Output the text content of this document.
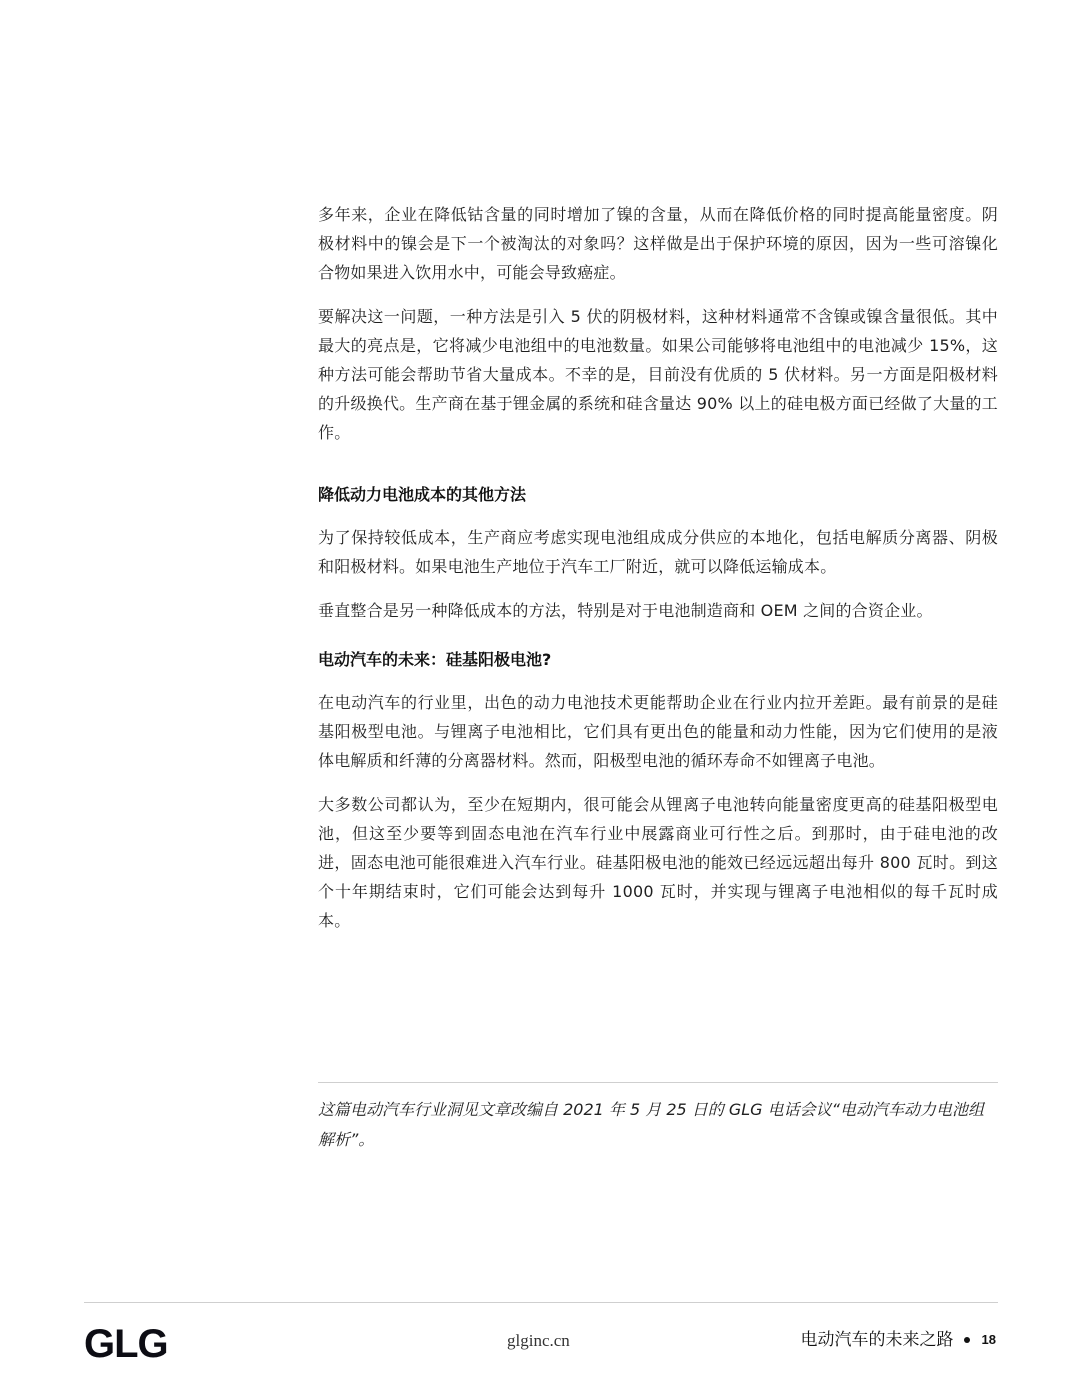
多年来，企业在降低钴含量的同时增加了镍的含量，从而在降低价格的同时提高能量密度。阴极材料中的镍会是下一个被淘汰的对象吗？这样做是出于保护环境的原因，因为一些可溶镍化合物如果进入饮用水中，可能会导致癌症。

要解决这一问题，一种方法是引入 5 伏的阴极材料，这种材料通常不含镍或镍含量很低。其中最大的亮点是，它将减少电池组中的电池数量。如果公司能够将电池组中的电池减少 15%，这种方法可能会帮助节省大量成本。不幸的是，目前没有优质的 5 伏材料。另一方面是阳极材料的升级换代。生产商在基于锂金属的系统和硅含量达 90% 以上的硅电极方面已经做了大量的工作。

降低动力电池成本的其他方法

为了保持较低成本，生产商应考虑实现电池组成成分供应的本地化，包括电解质分离器、阴极和阳极材料。如果电池生产地位于汽车工厂附近，就可以降低运输成本。

垂直整合是另一种降低成本的方法，特别是对于电池制造商和 OEM 之间的合资企业。

电动汽车的未来：硅基阳极电池?

在电动汽车的行业里，出色的动力电池技术更能帮助企业在行业内拉开差距。最有前景的是硅基阳极型电池。与锂离子电池相比，它们具有更出色的能量和动力性能，因为它们使用的是液体电解质和纤薄的分离器材料。然而，阳极型电池的循环寿命不如锂离子电池。

大多数公司都认为，至少在短期内，很可能会从锂离子电池转向能量密度更高的硅基阳极型电池，但这至少要等到固态电池在汽车行业中展露商业可行性之后。到那时，由于硅电池的改进，固态电池可能很难进入汽车行业。硅基阳极电池的能效已经远远超出每升 800 瓦时。到这个十年期结束时，它们可能会达到每升 1000 瓦时，并实现与锂离子电池相似的每千瓦时成本。

这篇电动汽车行业洞见文章改编自 2021 年 5 月 25 日的 GLG 电话会议“电动汽车动力电池组解析”。

GLG	glginc.cn	电动汽车的未来之路 18
